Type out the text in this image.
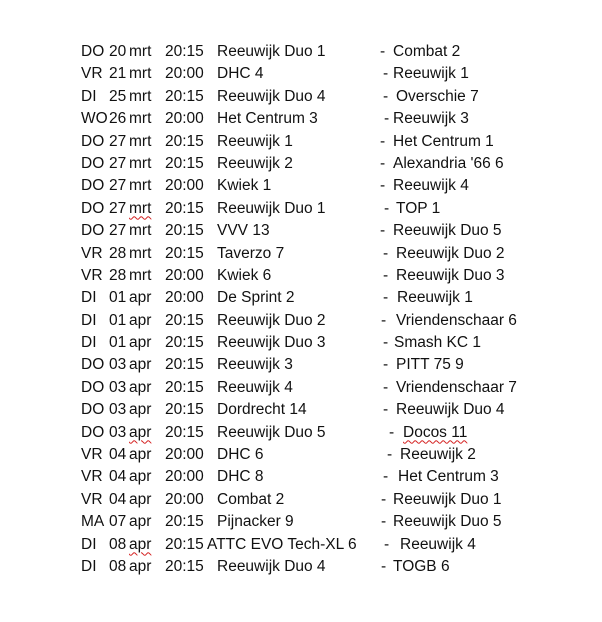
DO 20 mrt 20:15 Reeuwijk Duo 1	- Combat 2
VR 21 mrt 20:00 DHC 4	- Reeuwijk 1
DI 25 mrt 20:15 Reeuwijk Duo 4	- Overschie 7
WO 26 mrt 20:00 Het Centrum 3	- Reeuwijk 3
DO 27 mrt 20:15 Reeuwijk 1	- Het Centrum 1
DO 27 mrt 20:15 Reeuwijk 2	- Alexandria '66 6
DO 27 mrt 20:00 Kwiek 1	- Reeuwijk 4
DO 27 mrt 20:15 Reeuwijk Duo 1	- TOP 1
DO 27 mrt 20:15 VVV 13	- Reeuwijk Duo 5
VR 28 mrt 20:15 Taverzo 7	- Reeuwijk Duo 2
VR 28 mrt 20:00 Kwiek 6	- Reeuwijk Duo 3
DI 01 apr 20:00 De Sprint 2	- Reeuwijk 1
DI 01 apr 20:15 Reeuwijk Duo 2	- Vriendenschaar 6
DI 01 apr 20:15 Reeuwijk Duo 3	- Smash KC 1
DO 03 apr 20:15 Reeuwijk 3	- PITT 75 9
DO 03 apr 20:15 Reeuwijk 4	- Vriendenschaar 7
DO 03 apr 20:15 Dordrecht 14	- Reeuwijk Duo 4
DO 03 apr 20:15 Reeuwijk Duo 5	- Docos 11
VR 04 apr 20:00 DHC 6	- Reeuwijk 2
VR 04 apr 20:00 DHC 8	- Het Centrum 3
VR 04 apr 20:00 Combat 2	- Reeuwijk Duo 1
MA 07 apr 20:15 Pijnacker 9	- Reeuwijk Duo 5
DI 08 apr 20:15 ATTC EVO Tech-XL 6 - Reeuwijk 4
DI 08 apr 20:15 Reeuwijk Duo 4	- TOGB 6
